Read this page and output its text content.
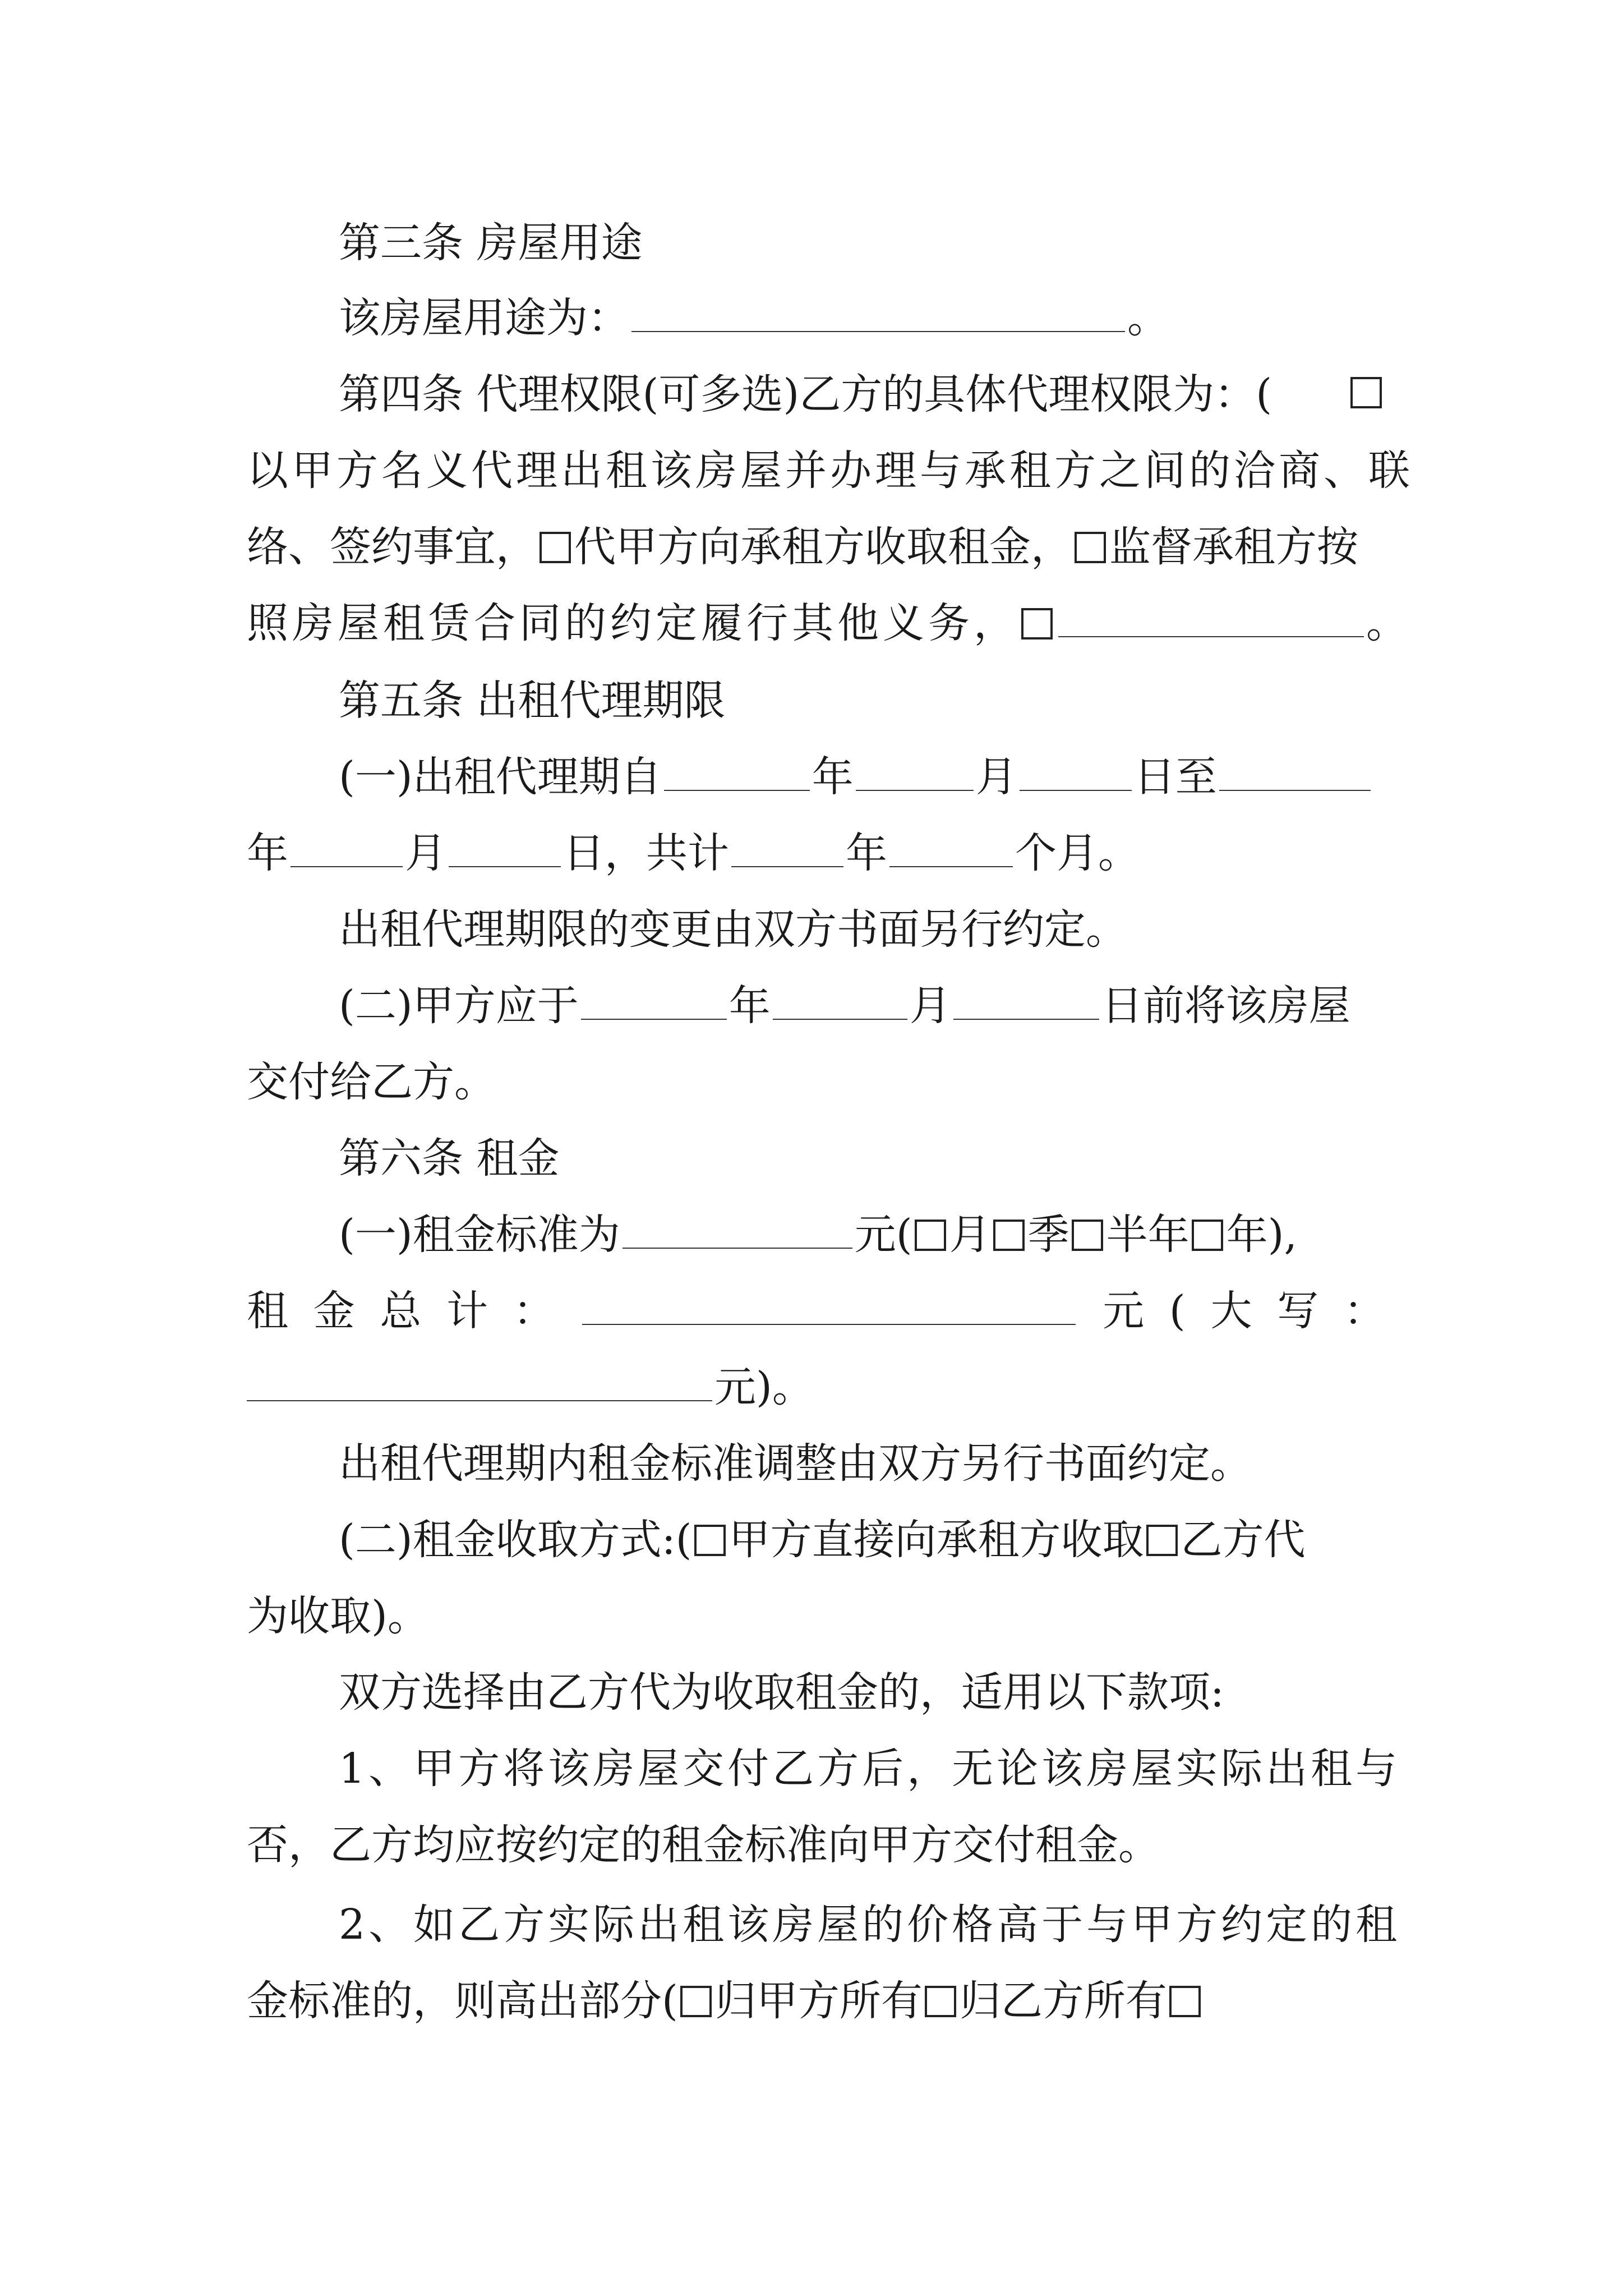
第三条 房屋用途
该房屋用途为：	。
第四条 代理权限(可多选)乙方的具体代理权限为：(
以甲方名义代理出租该房屋并办理与承租方之间的洽商、联
络、签约事宜， 代甲方向承租方收取租金， 监督承租方按
照房屋租赁合同的约定履行其他义务，	。
第五条 出租代理期限
(一)出租代理期自	年	月	日至
年	月	日，共计	年	个月。
出租代理期限的变更由双方书面另行约定。
(二)甲方应于	年	月	日前将该房屋
交付给乙方。
第六条 租金
(一)租金标准为	元( 月 季 半年 年),
租 金 总 计 ：	元 ( 大 写 ：
元)。
出租代理期内租金标准调整由双方另行书面约定。
(二)租金收取方式:( 甲方直接向承租方收取 乙方代
为收取)。
双方选择由乙方代为收取租金的，适用以下款项:
1、甲方将该房屋交付乙方后，无论该房屋实际出租与
否，乙方均应按约定的租金标准向甲方交付租金。
2、如乙方实际出租该房屋的价格高于与甲方约定的租
金标准的，则高出部分( 归甲方所有 归乙方所有
